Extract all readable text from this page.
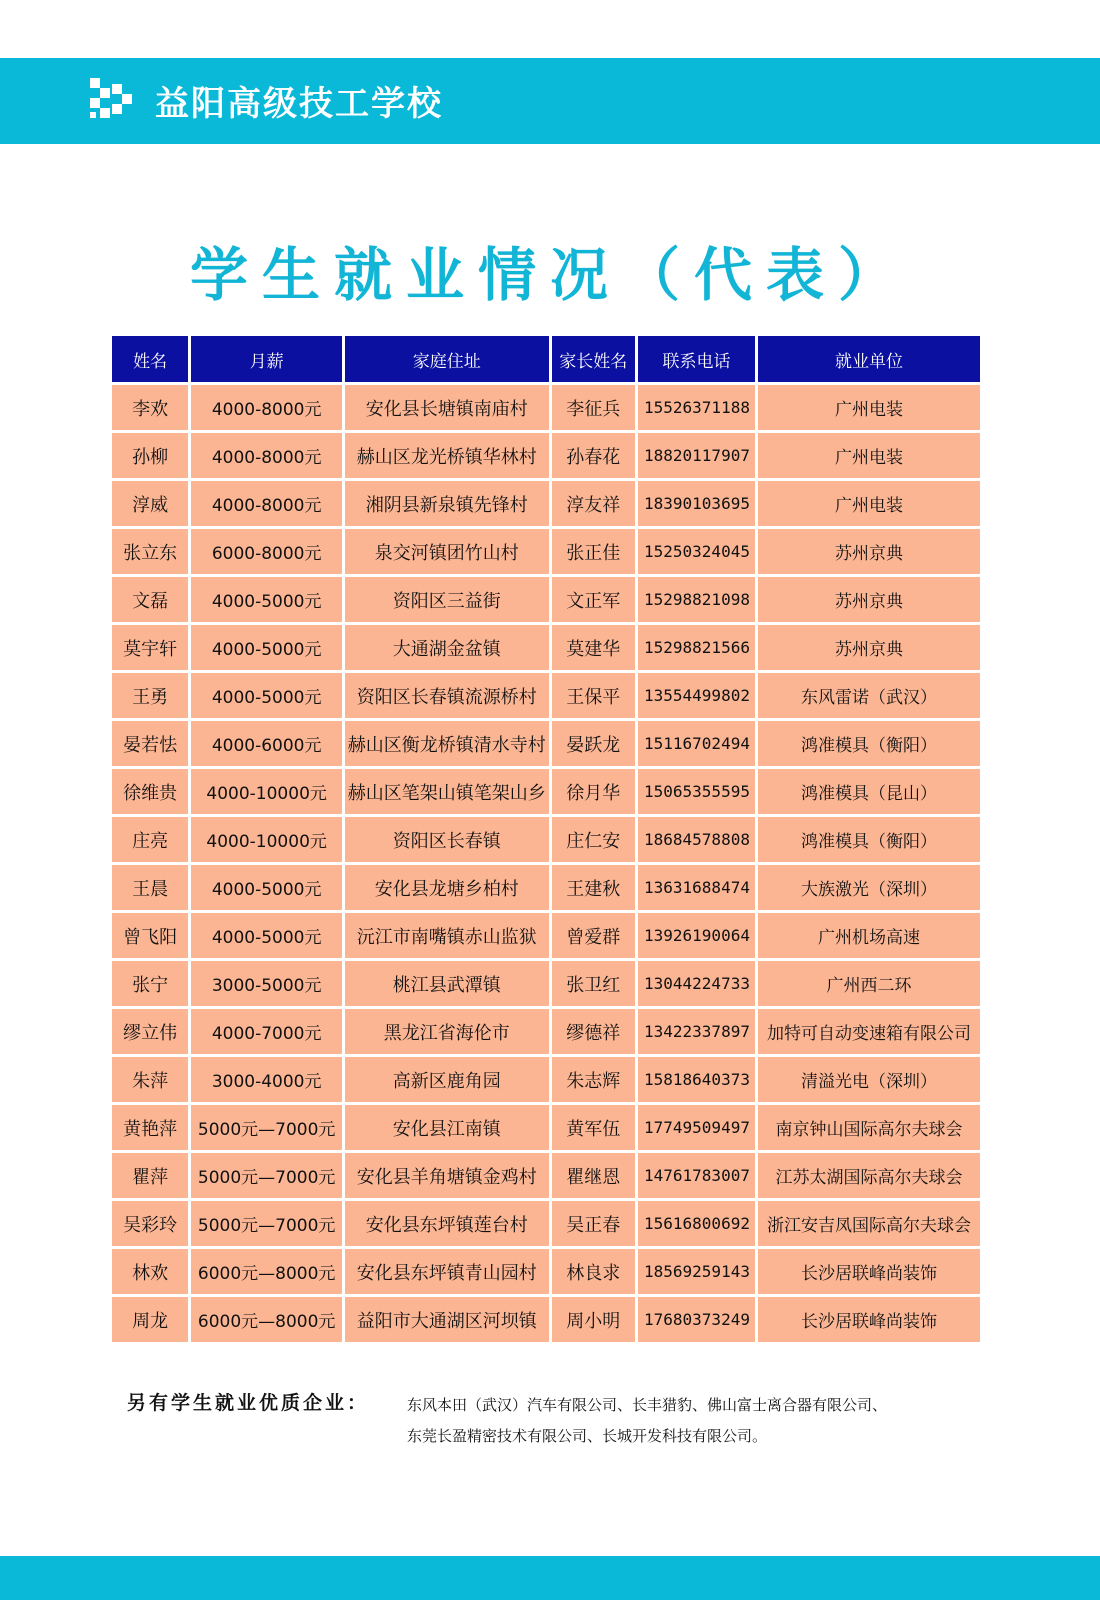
益阳高级技工学校
学生就业情况（代表）
姓名	月薪	家庭住址	家长姓名	联系电话	就业单位
李欢	4000-8000元	安化县长塘镇南庙村	李征兵	15526371188	广州电装
孙柳	4000-8000元	赫山区龙光桥镇华林村	孙春花	18820117907	广州电装
淳威	4000-8000元	湘阴县新泉镇先锋村	淳友祥	18390103695	广州电装
张立东	6000-8000元	泉交河镇团竹山村	张正佳	15250324045	苏州京典
文磊	4000-5000元	资阳区三益街	文正军	15298821098	苏州京典
莫宇轩	4000-5000元	大通湖金盆镇	莫建华	15298821566	苏州京典
王勇	4000-5000元	资阳区长春镇流源桥村	王保平	13554499802	东风雷诺（武汉）
晏若怯	4000-6000元	赫山区衡龙桥镇清水寺村	晏跃龙	15116702494	鸿准模具（衡阳）
徐维贵	4000-10000元	赫山区笔架山镇笔架山乡	徐月华	15065355595	鸿准模具（昆山）
庄亮	4000-10000元	资阳区长春镇	庄仁安	18684578808	鸿准模具（衡阳）
王晨	4000-5000元	安化县龙塘乡柏村	王建秋	13631688474	大族激光（深圳）
曾飞阳	4000-5000元	沅江市南嘴镇赤山监狱	曾爱群	13926190064	广州机场高速
张宁	3000-5000元	桃江县武潭镇	张卫红	13044224733	广州西二环
缪立伟	4000-7000元	黑龙江省海伦市	缪德祥	13422337897	加特可自动变速箱有限公司
朱萍	3000-4000元	高新区鹿角园	朱志辉	15818640373	清溢光电（深圳）
黄艳萍	5000元—7000元	安化县江南镇	黄军伍	17749509497	南京钟山国际高尔夫球会
瞿萍	5000元—7000元	安化县羊角塘镇金鸡村	瞿继恩	14761783007	江苏太湖国际高尔夫球会
吴彩玲	5000元—7000元	安化县东坪镇莲台村	吴正春	15616800692	浙江安吉凤国际高尔夫球会
林欢	6000元—8000元	安化县东坪镇青山园村	林良求	18569259143	长沙居联峰尚装饰
周龙	6000元—8000元	益阳市大通湖区河坝镇	周小明	17680373249	长沙居联峰尚装饰
另有学生就业优质企业：	东风本田（武汉）汽车有限公司、长丰猎豹、佛山富士离合器有限公司、
东莞长盈精密技术有限公司、长城开发科技有限公司。
